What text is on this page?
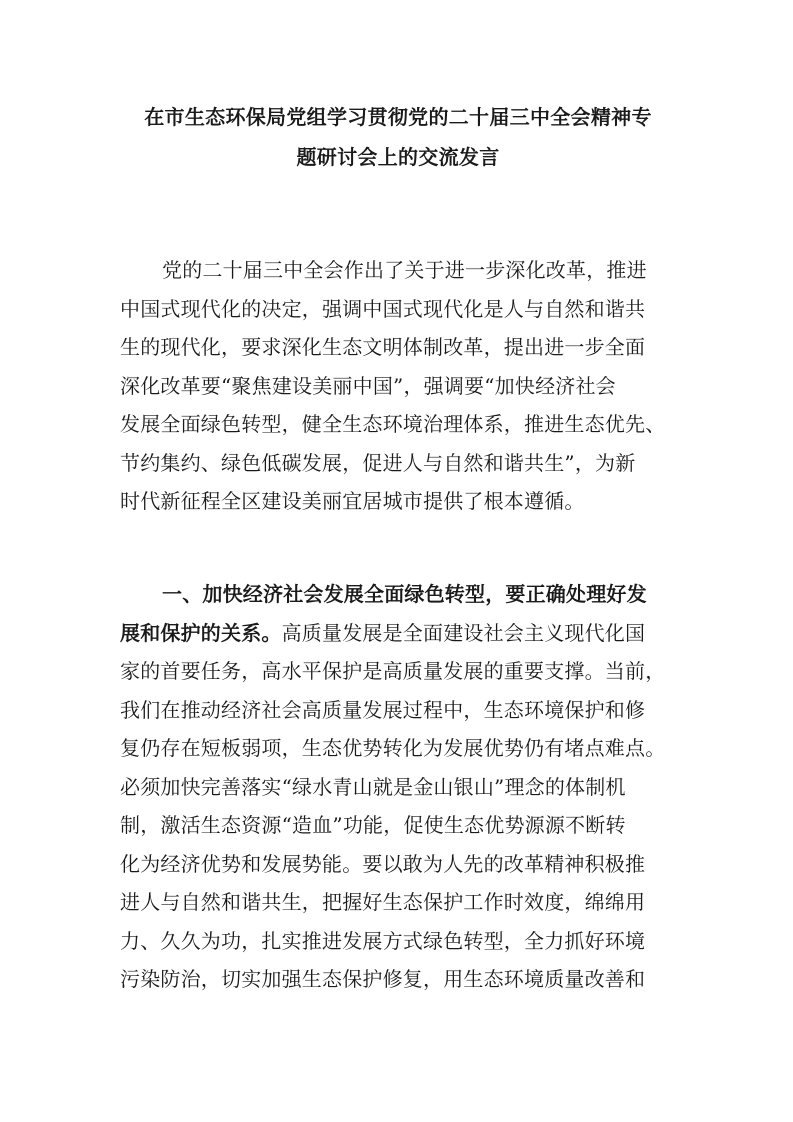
在市生态环保局党组学习贯彻党的二十届三中全会精神专
题研讨会上的交流发言
党的二十届三中全会作出了关于进一步深化改革，推进
中国式现代化的决定，强调中国式现代化是人与自然和谐共
生的现代化，要求深化生态文明体制改革，提出进一步全面
深化改革要“聚焦建设美丽中国”，强调要“加快经济社会
发展全面绿色转型，健全生态环境治理体系，推进生态优先、
节约集约、绿色低碳发展，促进人与自然和谐共生”，为新
时代新征程全区建设美丽宜居城市提供了根本遵循。
一、加快经济社会发展全面绿色转型，要正确处理好发
展和保护的关系。高质量发展是全面建设社会主义现代化国
家的首要任务，高水平保护是高质量发展的重要支撑。当前，
我们在推动经济社会高质量发展过程中，生态环境保护和修
复仍存在短板弱项，生态优势转化为发展优势仍有堵点难点。
必须加快完善落实“绿水青山就是金山银山”理念的体制机
制，激活生态资源“造血”功能，促使生态优势源源不断转
化为经济优势和发展势能。要以敢为人先的改革精神积极推
进人与自然和谐共生，把握好生态保护工作时效度，绵绵用
力、久久为功，扎实推进发展方式绿色转型，全力抓好环境
污染防治，切实加强生态保护修复，用生态环境质量改善和
